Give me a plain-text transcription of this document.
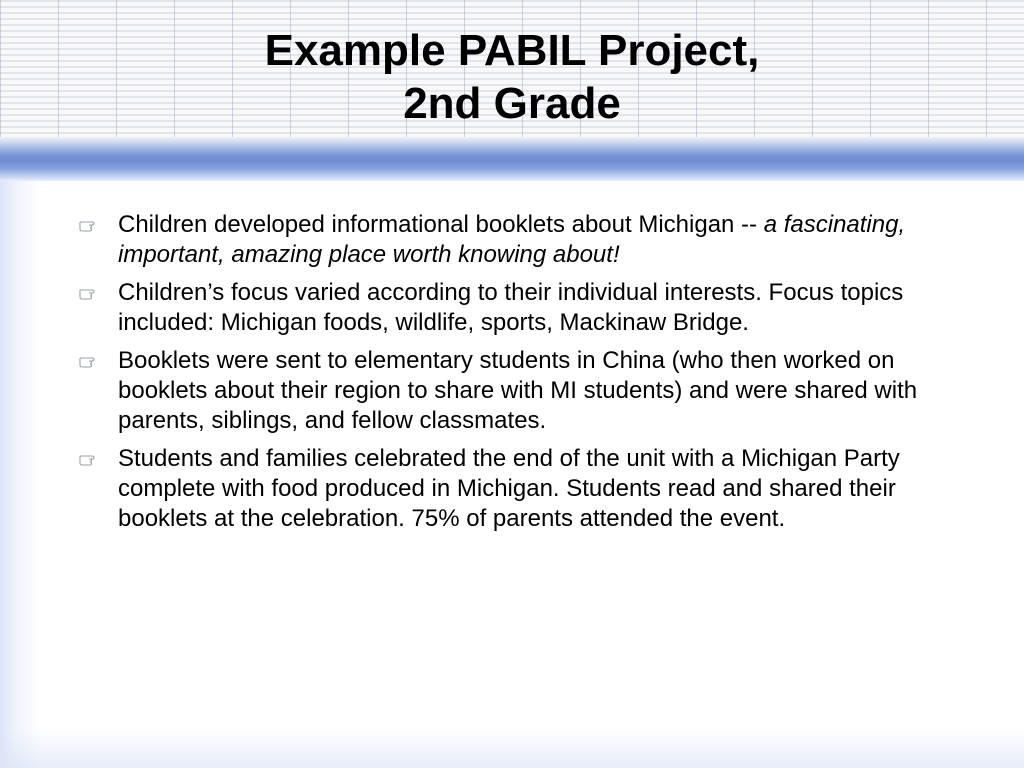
Example PABIL Project,
2nd Grade
Children developed informational booklets about Michigan -- a fascinating, important, amazing place worth knowing about!
Children’s focus varied according to their individual interests. Focus topics included: Michigan foods, wildlife, sports, Mackinaw Bridge.
Booklets were sent to elementary students in China (who then worked on booklets about their region to share with MI students) and were shared with parents, siblings, and fellow classmates.
Students and families celebrated the end of the unit with a Michigan Party complete with food produced in Michigan. Students read and shared their booklets at the celebration. 75% of parents attended the event.
